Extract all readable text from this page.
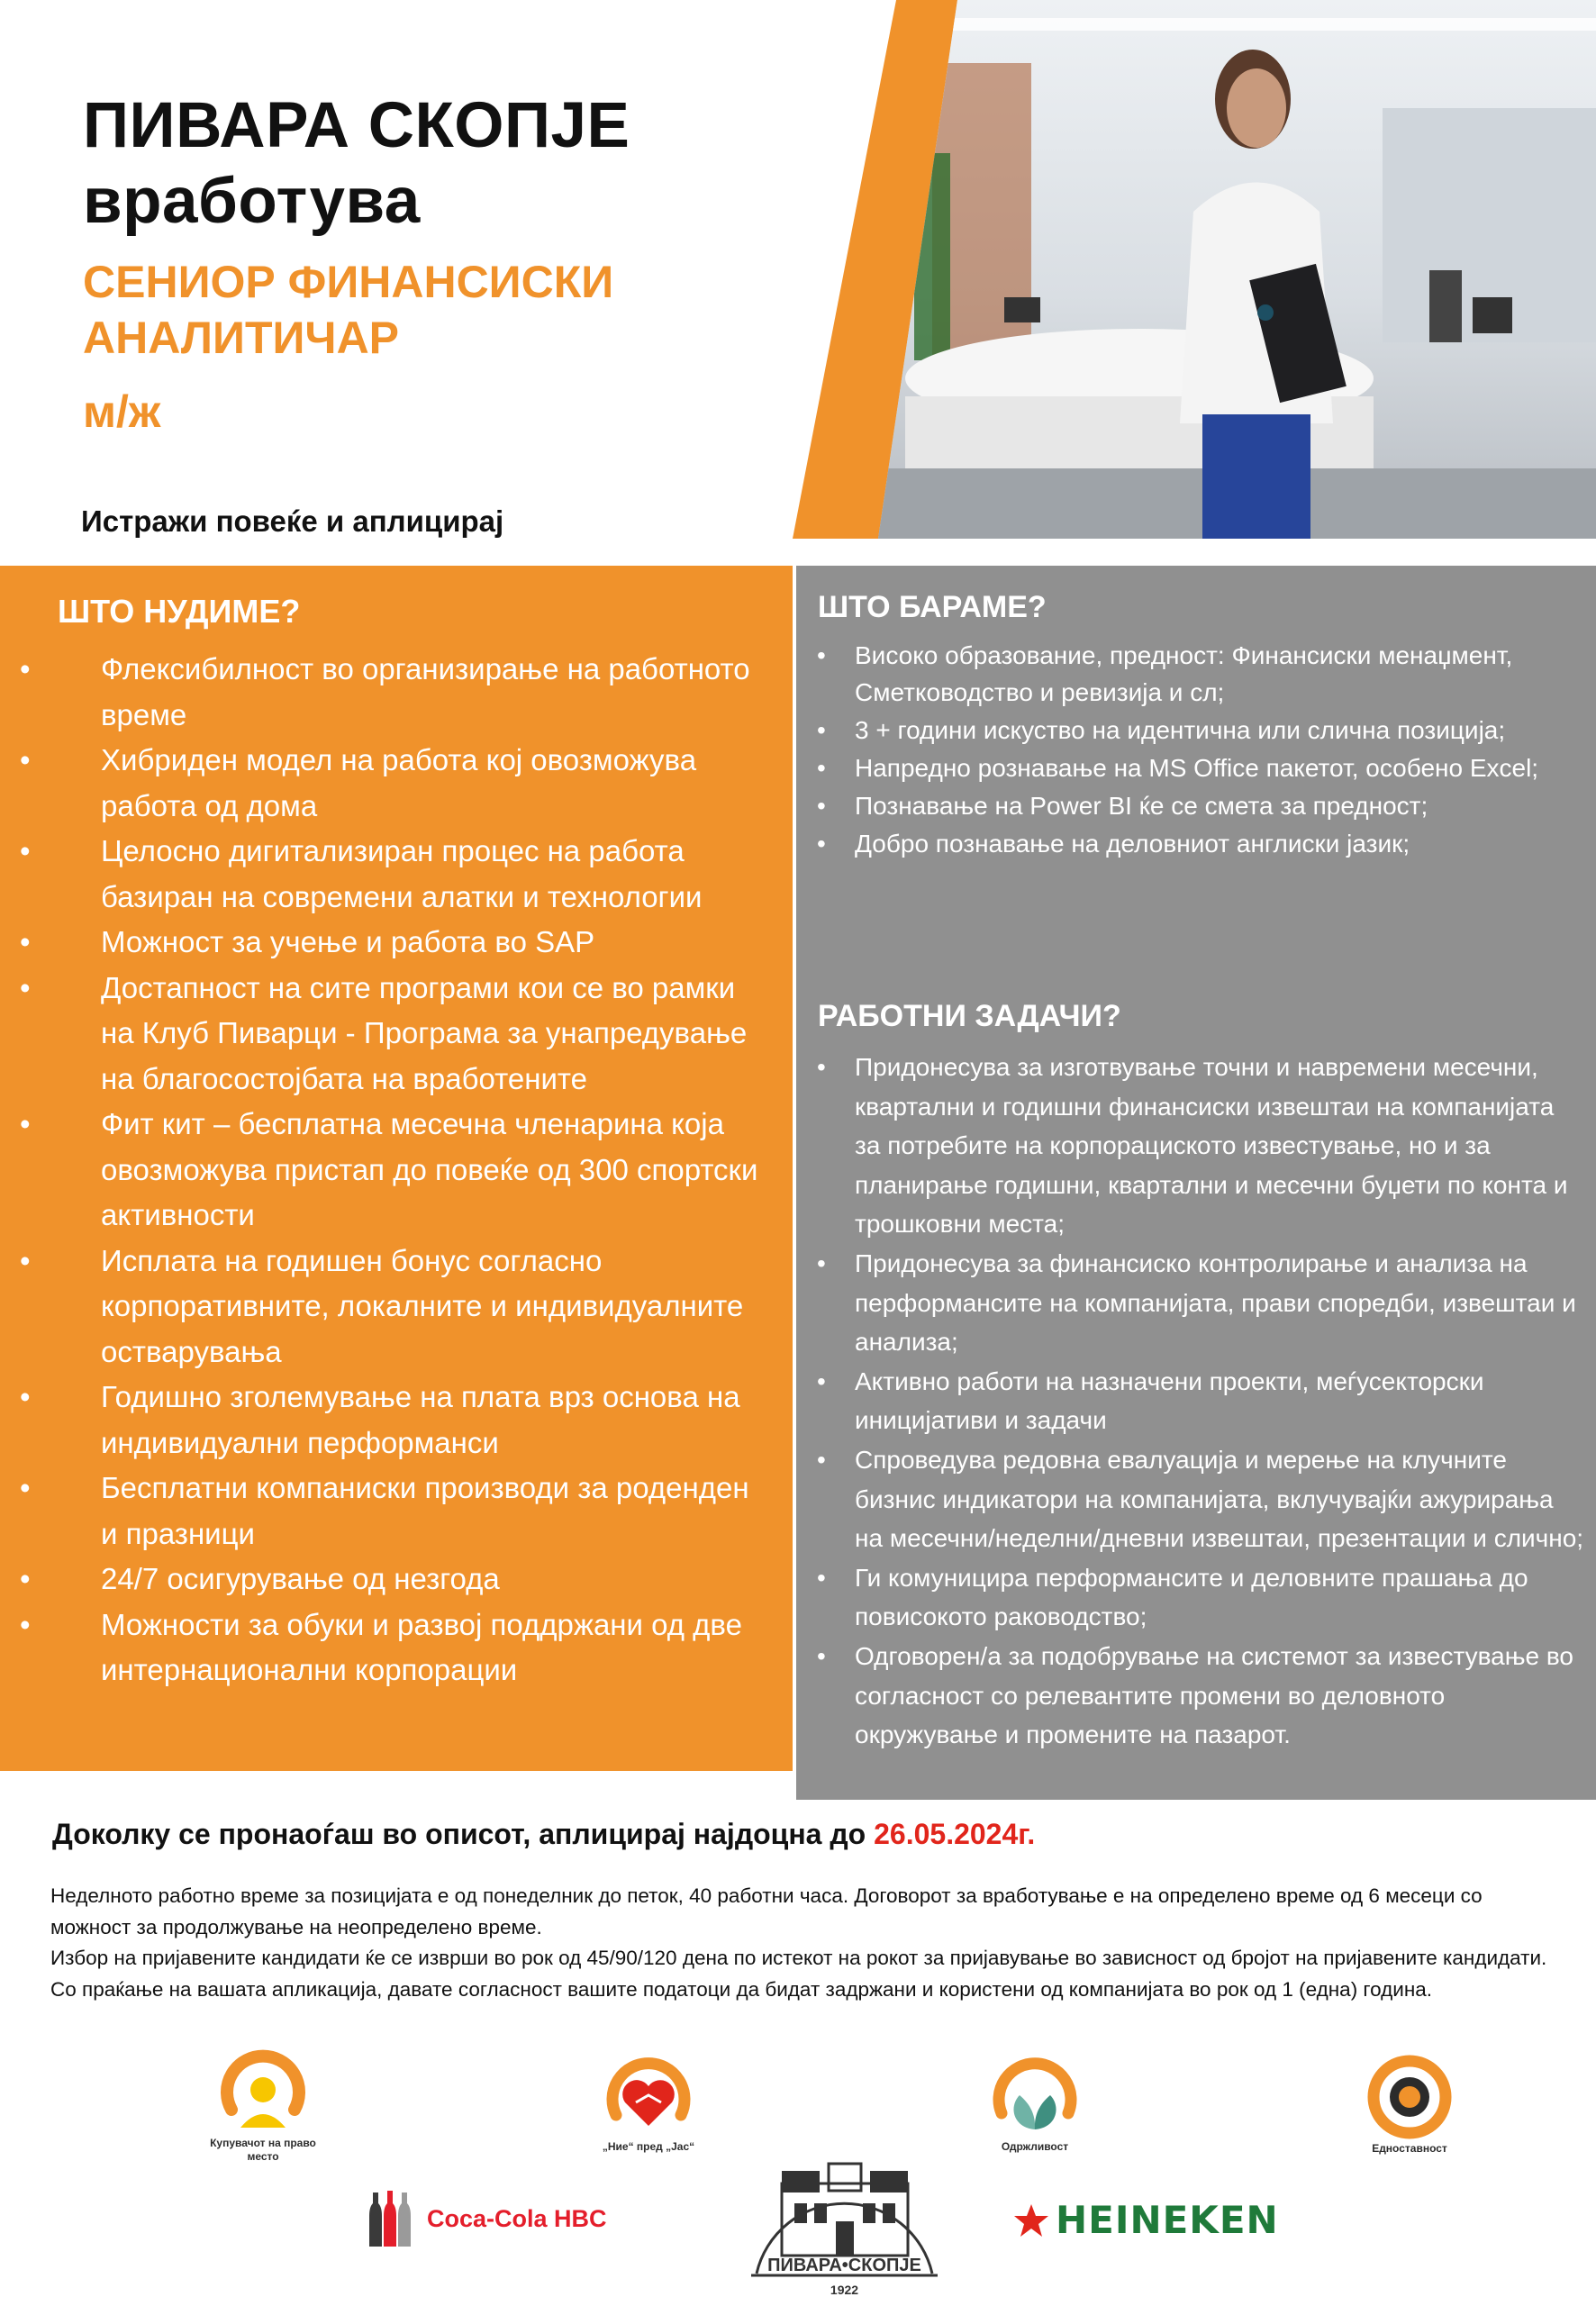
ПИВАРА СКОПЈЕ
вработува
СЕНИОР ФИНАНСИСКИ
АНАЛИТИЧАР
м/ж
Истражи повеќе и аплицирај
ШТО НУДИМЕ?
• Флексибилност во организирање на работното време
• Хибриден модел на работа кој овозможува работа од дома
• Целосно дигитализиран процес на работа базиран на современи алатки и технологии
• Можност за учење и работа во SAP
• Достапност на сите програми кои се во рамки на Клуб Пиварци - Програма за унапредување на благосостојбата на вработените
• Фит кит – бесплатна месечна членарина која овозможува пристап до повеќе од 300 спортски активности
• Исплата на годишен бонус согласно корпоративните, локалните и индивидуалните остварувања
• Годишно зголемување на плата врз основа на индивидуални перформанси
• Бесплатни компаниски производи за роденден и празници
• 24/7 осигурување од незгода
• Можности за обуки и развој поддржани од две интернационални корпорации
ШТО БАРАМЕ?
• Високо образование, предност: Финансиски менаџмент, Сметководство и ревизија и сл;
• 3 + години искуство на идентична или слична позиција;
• Напредно рознавање на MS Office пакетот, особено Excel;
• Познавање на Power BI ќе се смета за предност;
• Добро познавање на деловниот англиски јазик;
РАБОТНИ ЗАДАЧИ?
• Придонесува за изготвување точни и навремени месечни, квартални и годишни финансиски извештаи на компанијата за потребите на корпорацискoто известување, но и за планирање годишни, квартални и месечни буџети по конта и трошковни места;
• Придонесува за финансиско контролирање и анализа на перформансите на компанијата, прави споредби, извештаи и анализа;
• Активно работи на назначени проекти, меѓусекторски иницијативи и задачи
• Спроведува редовна евалуација и мерење на клучните бизнис индикатори на компанијата, вклучувајќи ажурирања на месечни/неделни/дневни извештаи, презентации и слично;
• Ги комуницира перформансите и деловните прашања до повисокото раководство;
• Одговорен/а за подобрување на системот за известување во согласност со релевантите промени во деловното окружување и промените на пазарот.
Доколку се пронаоѓаш во описот, аплицирај најдоцна до 26.05.2024г.

Неделното работно време за позицијата е од понеделник до петок, 40 работни часа. Договорот за вработување е на определено време од 6 месеци со можност за продолжување на неопределено време.

Избор на пријавените кандидати ќе се изврши во рок од 45/90/120 дена по истекот на рокот за пријавување во зависност од бројот на пријавените кандидати.

Со праќање на вашата апликација, давате согласност вашите податоци да бидат задржани и користени од компанијата во рок од 1 (една) година.

Купувачот на право место
„Ние“ пред „Јас“	Одржливост	Едноставност
Coca-Cola HBC
ПИВАРА•СКОПЈЕ
1922
HEINEKEN
